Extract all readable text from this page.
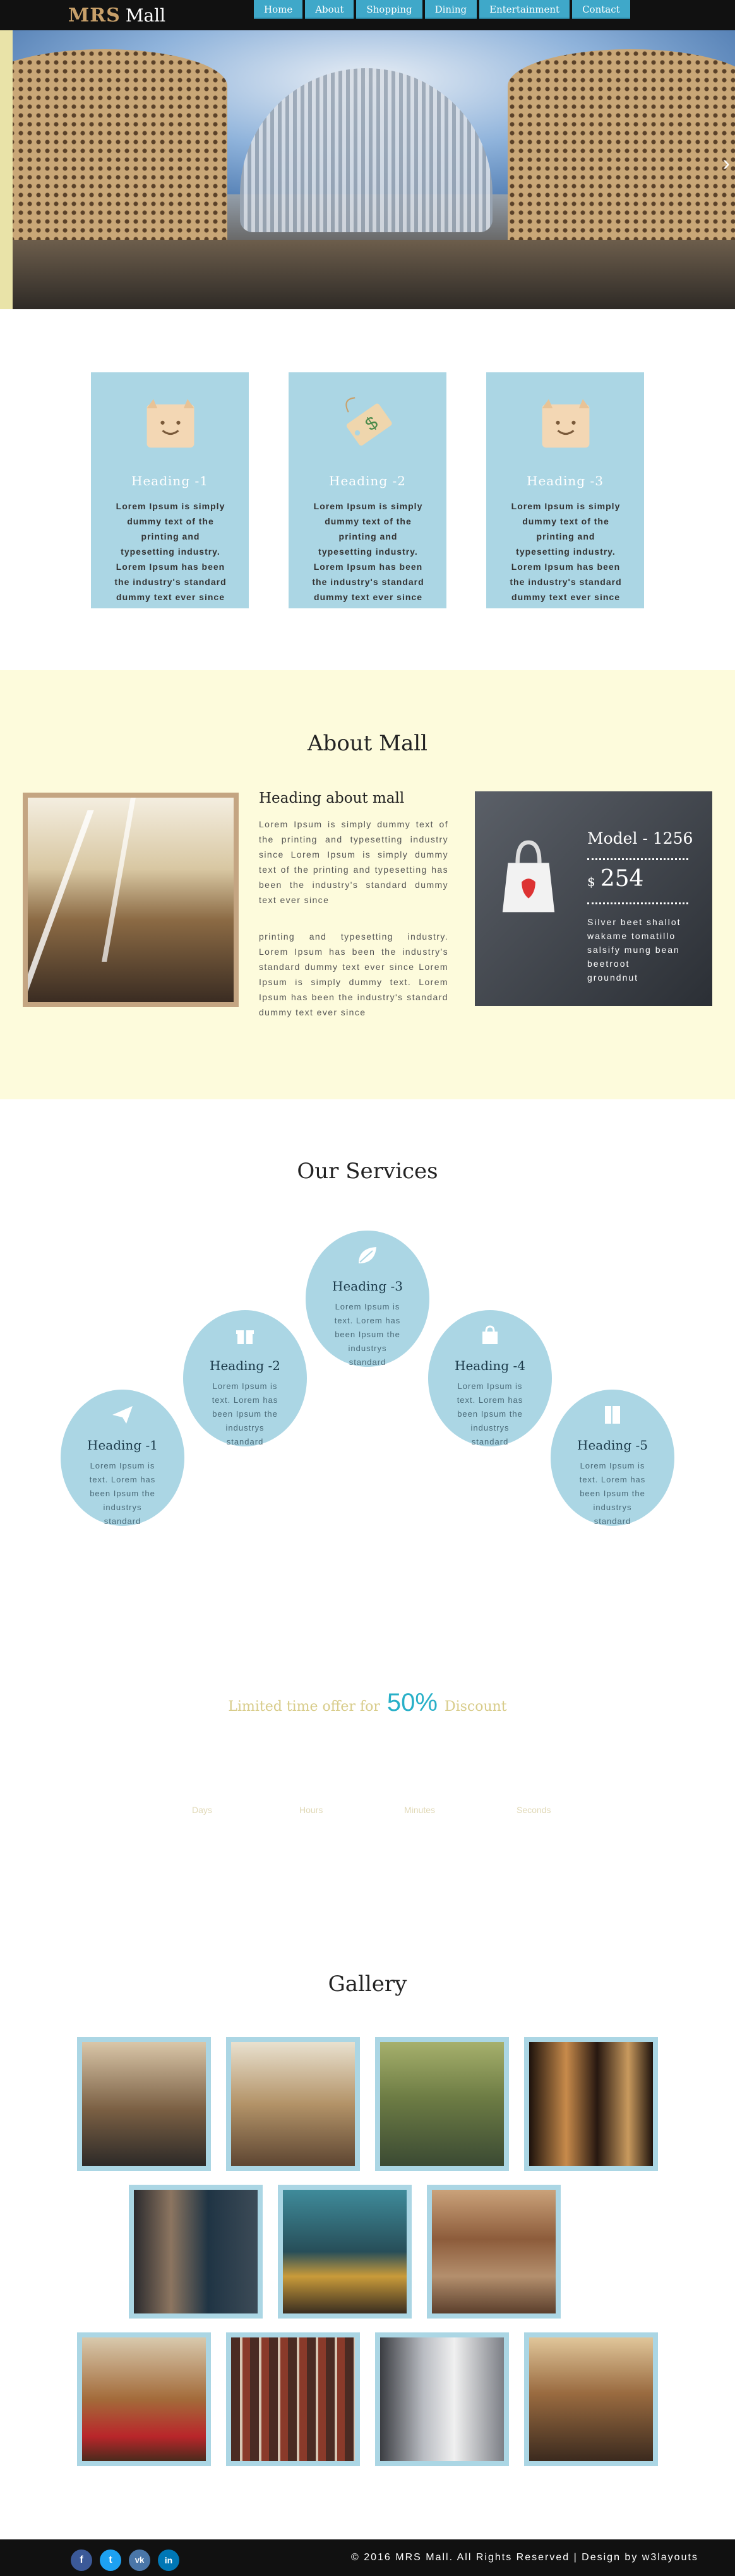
MRS Mall	Home	About	Shopping	Dining	Entertainment	Contact
›
Heading -1

Lorem Ipsum is simply dummy text of the printing and typesetting industry. Lorem Ipsum has been the industry's standard dummy text ever since

$
Heading -2

Lorem Ipsum is simply dummy text of the printing and typesetting industry. Lorem Ipsum has been the industry's standard dummy text ever since

Heading -3

Lorem Ipsum is simply dummy text of the printing and typesetting industry. Lorem Ipsum has been the industry's standard dummy text ever since

About Mall
Heading about mall

Lorem Ipsum is simply dummy text of the printing and typesetting industry since Lorem Ipsum is simply dummy text of the printing and typesetting has been the industry's standard dummy text ever since

printing and typesetting industry. Lorem Ipsum has been the industry's standard dummy text ever since Lorem Ipsum is simply dummy text. Lorem Ipsum has been the industry's standard dummy text ever since

Model - 1256
$ 254
Silver beet shallot wakame tomatillo salsify mung bean beetroot groundnut
Our Services
Heading -1

Lorem Ipsum is text. Lorem has been Ipsum the industrys standard

Heading -2

Lorem Ipsum is text. Lorem has been Ipsum the industrys standard

Heading -3

Lorem Ipsum is text. Lorem has been Ipsum the industrys standard	Heading -4

Lorem Ipsum is text. Lorem has been Ipsum the industrys standard	Heading -5

Lorem Ipsum is text. Lorem has been Ipsum the industrys standard

Limited time offer for 50% Discount
Days	Hours	Minutes	Seconds
Gallery
f	t	vk	in	© 2016 MRS Mall. All Rights Reserved | Design by w3layouts
